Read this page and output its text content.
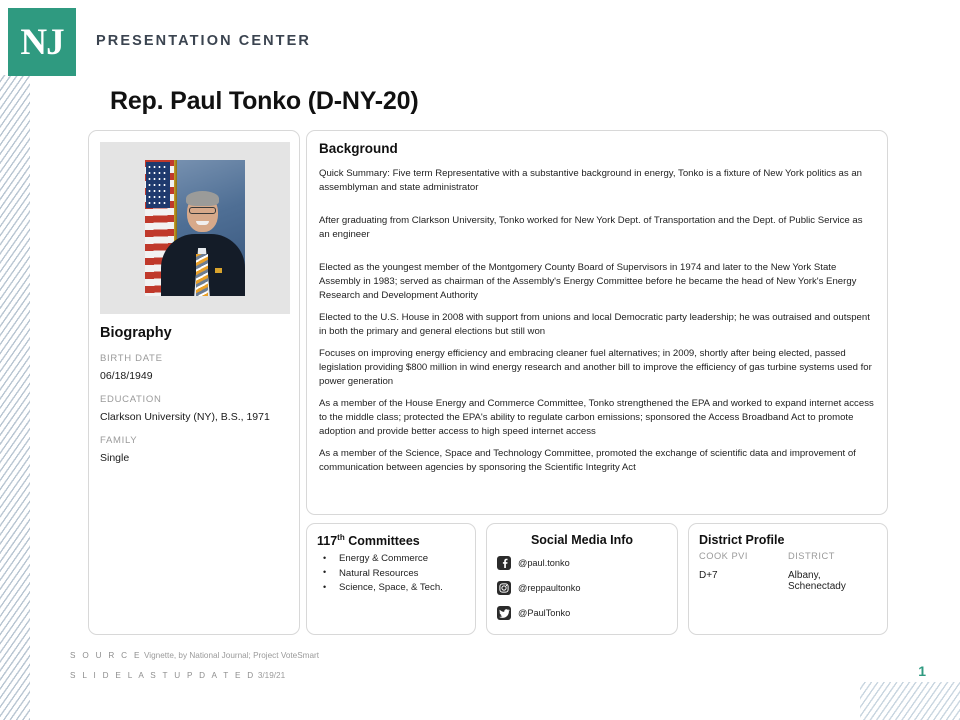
NJ PRESENTATION CENTER
Rep. Paul Tonko (D-NY-20)
Biography
BIRTH DATE
06/18/1949
EDUCATION
Clarkson University (NY), B.S., 1971
FAMILY
Single
Background

Quick Summary: Five term Representative with a substantive background in energy, Tonko is a fixture of New York politics as an assemblyman and state administrator

After graduating from Clarkson University, Tonko worked for New York Dept. of Transportation and the Dept. of Public Service as an engineer

Elected as the youngest member of the Montgomery County Board of Supervisors in 1974 and later to the New York State Assembly in 1983; served as chairman of the Assembly's Energy Committee before he became the head of New York's Energy Research and Development Authority

Elected to the U.S. House in 2008 with support from unions and local Democratic party leadership; he was outraised and outspent in both the primary and general elections but still won

Focuses on improving energy efficiency and embracing cleaner fuel alternatives; in 2009, shortly after being elected, passed legislation providing $800 million in wind energy research and another bill to improve the efficiency of gas turbine systems used for power generation

As a member of the House Energy and Commerce Committee, Tonko strengthened the EPA and worked to expand internet access to the middle class; protected the EPA's ability to regulate carbon emissions; sponsored the Access Broadband Act to promote adoption and provide better access to high speed internet access

As a member of the Science, Space and Technology Committee, promoted the exchange of scientific data and improvement of communication between agencies by sponsoring the Scientific Integrity Act

117th Committees
• Energy & Commerce
• Natural Resources
• Science, Space, & Tech.
Social Media Info
@paul.tonko
@reppaultonko
@PaulTonko
District Profile
COOK PVI
D+7
DISTRICT
Albany, Schenectady
S O U R C E Vignette, by National Journal; Project VoteSmart
S L I D E L A S T U P D A T E D 3/19/21	1
